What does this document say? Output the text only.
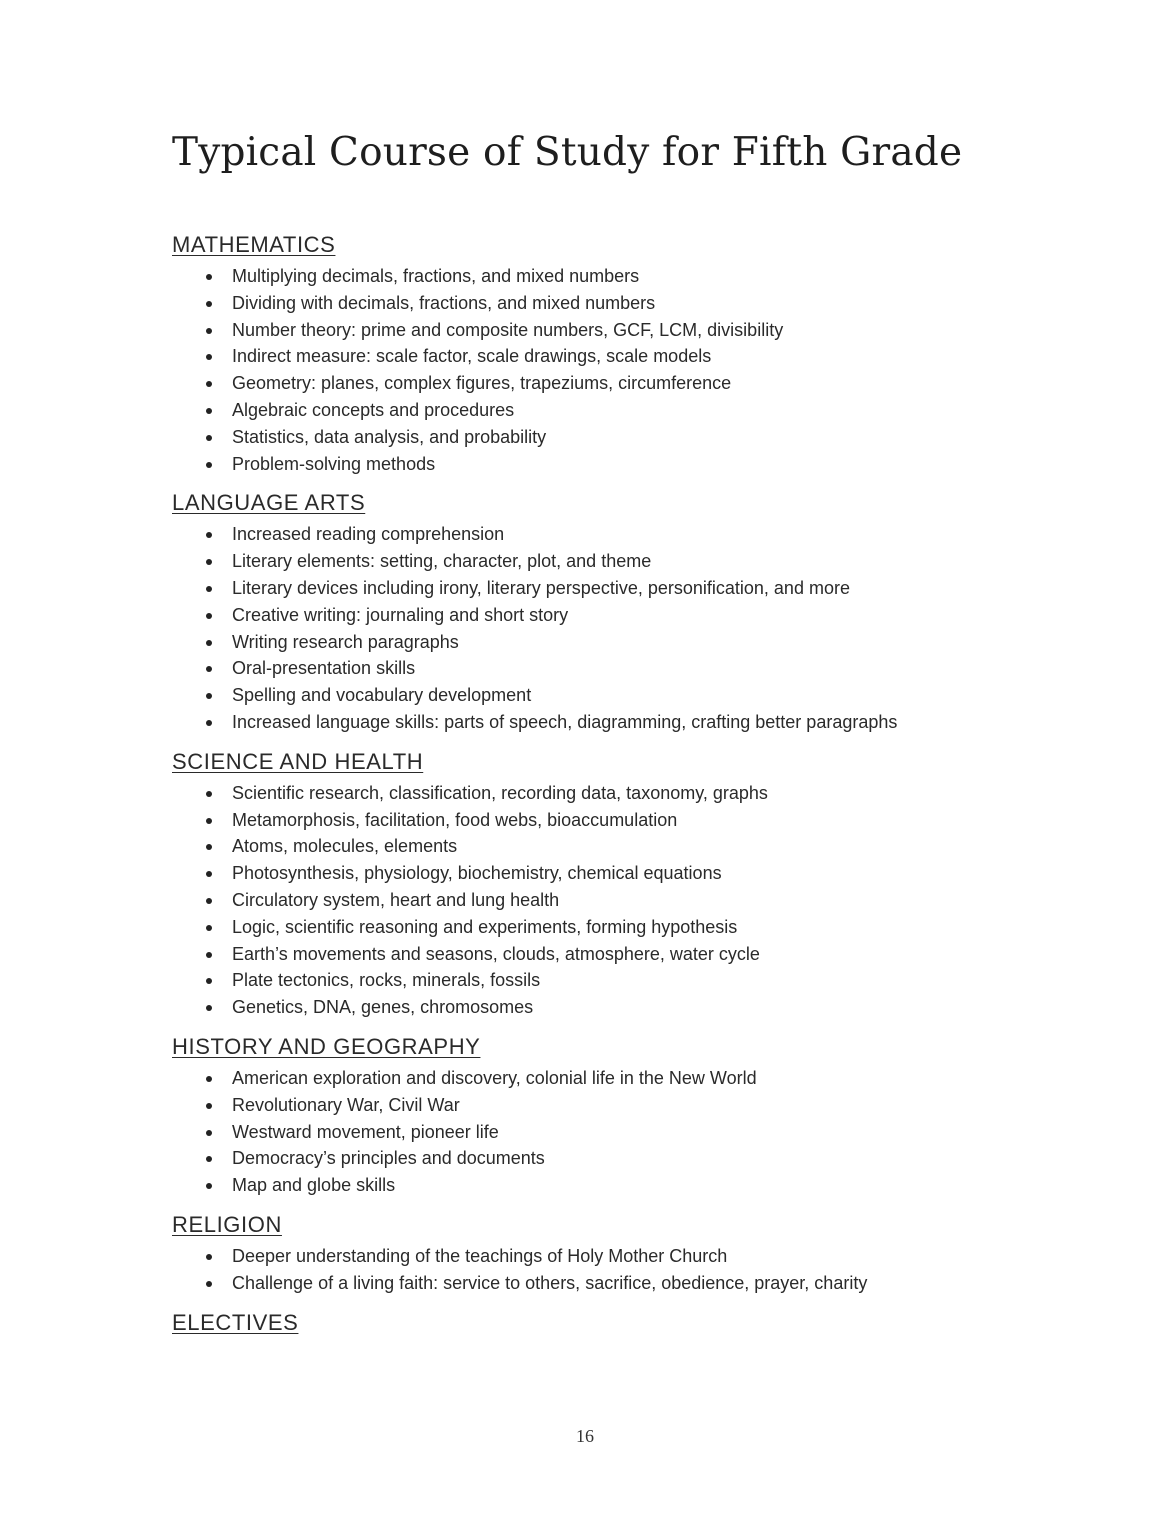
Typical Course of Study for Fifth Grade
MATHEMATICS
Multiplying decimals, fractions, and mixed numbers
Dividing with decimals, fractions, and mixed numbers
Number theory: prime and composite numbers, GCF, LCM, divisibility
Indirect measure: scale factor, scale drawings, scale models
Geometry: planes, complex figures, trapeziums, circumference
Algebraic concepts and procedures
Statistics, data analysis, and probability
Problem-solving methods
LANGUAGE ARTS
Increased reading comprehension
Literary elements: setting, character, plot, and theme
Literary devices including irony, literary perspective, personification, and more
Creative writing: journaling and short story
Writing research paragraphs
Oral-presentation skills
Spelling and vocabulary development
Increased language skills: parts of speech, diagramming, crafting better paragraphs
SCIENCE AND HEALTH
Scientific research, classification, recording data, taxonomy, graphs
Metamorphosis, facilitation, food webs, bioaccumulation
Atoms, molecules, elements
Photosynthesis, physiology, biochemistry, chemical equations
Circulatory system, heart and lung health
Logic, scientific reasoning and experiments, forming hypothesis
Earth’s movements and seasons, clouds, atmosphere, water cycle
Plate tectonics, rocks, minerals, fossils
Genetics, DNA, genes, chromosomes
HISTORY AND GEOGRAPHY
American exploration and discovery, colonial life in the New World
Revolutionary War, Civil War
Westward movement, pioneer life
Democracy’s principles and documents
Map and globe skills
RELIGION
Deeper understanding of the teachings of Holy Mother Church
Challenge of a living faith: service to others, sacrifice, obedience, prayer, charity
ELECTIVES
16
